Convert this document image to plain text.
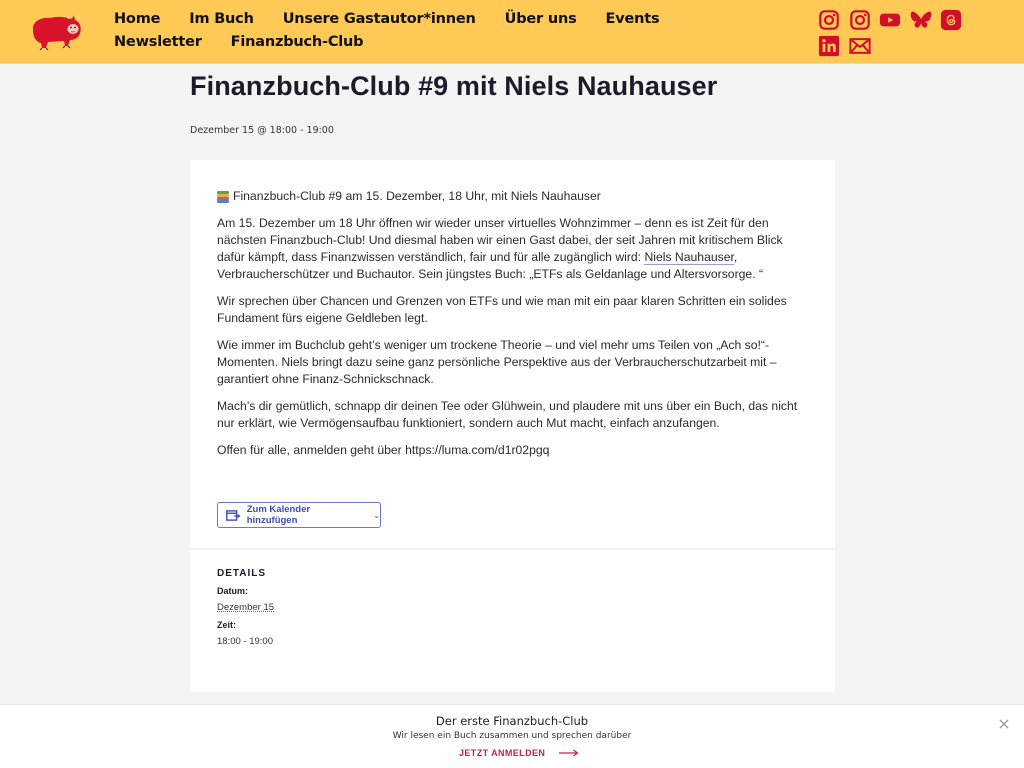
Home Im Buch Unsere Gastautor*innen Über uns Events
Newsletter Finanzbuch-Club
Finanzbuch-Club #9 mit Niels Nauhauser
Dezember 15 @ 18:00 - 19:00

Finanzbuch-Club #9 am 15. Dezember, 18 Uhr, mit Niels Nauhauser

Am 15. Dezember um 18 Uhr öffnen wir wieder unser virtuelles Wohnzimmer – denn es ist Zeit für den nächsten Finanzbuch-Club! Und diesmal haben wir einen Gast dabei, der seit Jahren mit kritischem Blick dafür kämpft, dass Finanzwissen verständlich, fair und für alle zugänglich wird: Niels Nauhauser, Verbraucherschützer und Buchautor. Sein jüngstes Buch: „ETFs als Geldanlage und Altersvorsorge. “

Wir sprechen über Chancen und Grenzen von ETFs und wie man mit ein paar klaren Schritten ein solides Fundament fürs eigene Geldleben legt.

Wie immer im Buchclub geht’s weniger um trockene Theorie – und viel mehr ums Teilen von „Ach so!“-Momenten. Niels bringt dazu seine ganz persönliche Perspektive aus der Verbraucherschutzarbeit mit – garantiert ohne Finanz-Schnickschnack.

Mach’s dir gemütlich, schnapp dir deinen Tee oder Glühwein, und plaudere mit uns über ein Buch, das nicht nur erklärt, wie Vermögensaufbau funktioniert, sondern auch Mut macht, einfach anzufangen.

Offen für alle, anmelden geht über https://luma.com/d1r02pgq

Zum Kalender hinzufügen	⌄
DETAILS
Datum:
Dezember 15
Zeit:
18:00 - 19:00
Der erste Finanzbuch-Club
Wir lesen ein Buch zusammen und sprechen darüber
JETZT ANMELDEN
